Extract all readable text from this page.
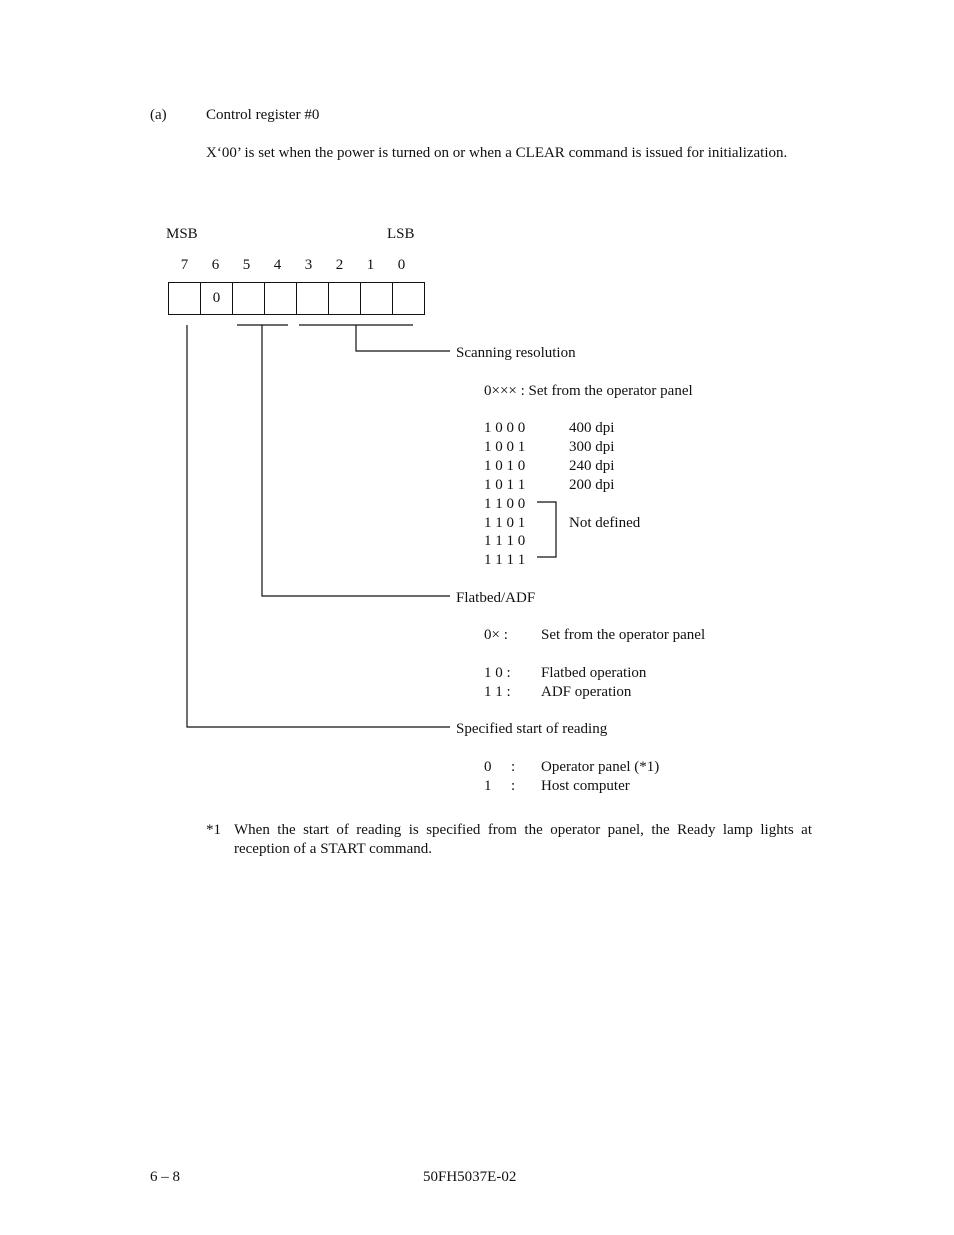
(a)	Control register #0
X‘00’ is set when the power is turned on or when a CLEAR command is issued for initialization.
MSB	LSB
7	6	5	4	3	2	1	0
	0						
Scanning resolution
0××× : Set from the operator panel
1 0 0 0	400 dpi
1 0 0 1	300 dpi
1 0 1 0	240 dpi
1 0 1 1	200 dpi
1 1 0 0
1 1 0 1
1 1 1 0
1 1 1 1
Not defined
Flatbed/ADF
0× : Set from the operator panel
1 0 : Flatbed operation
1 1 : ADF operation
Specified start of reading
0 : Operator panel (*1)
1 : Host computer
*1 When the start of reading is specified from the operator panel, the Ready lamp lights at reception of a START command.
6 – 8	50FH5037E-02
